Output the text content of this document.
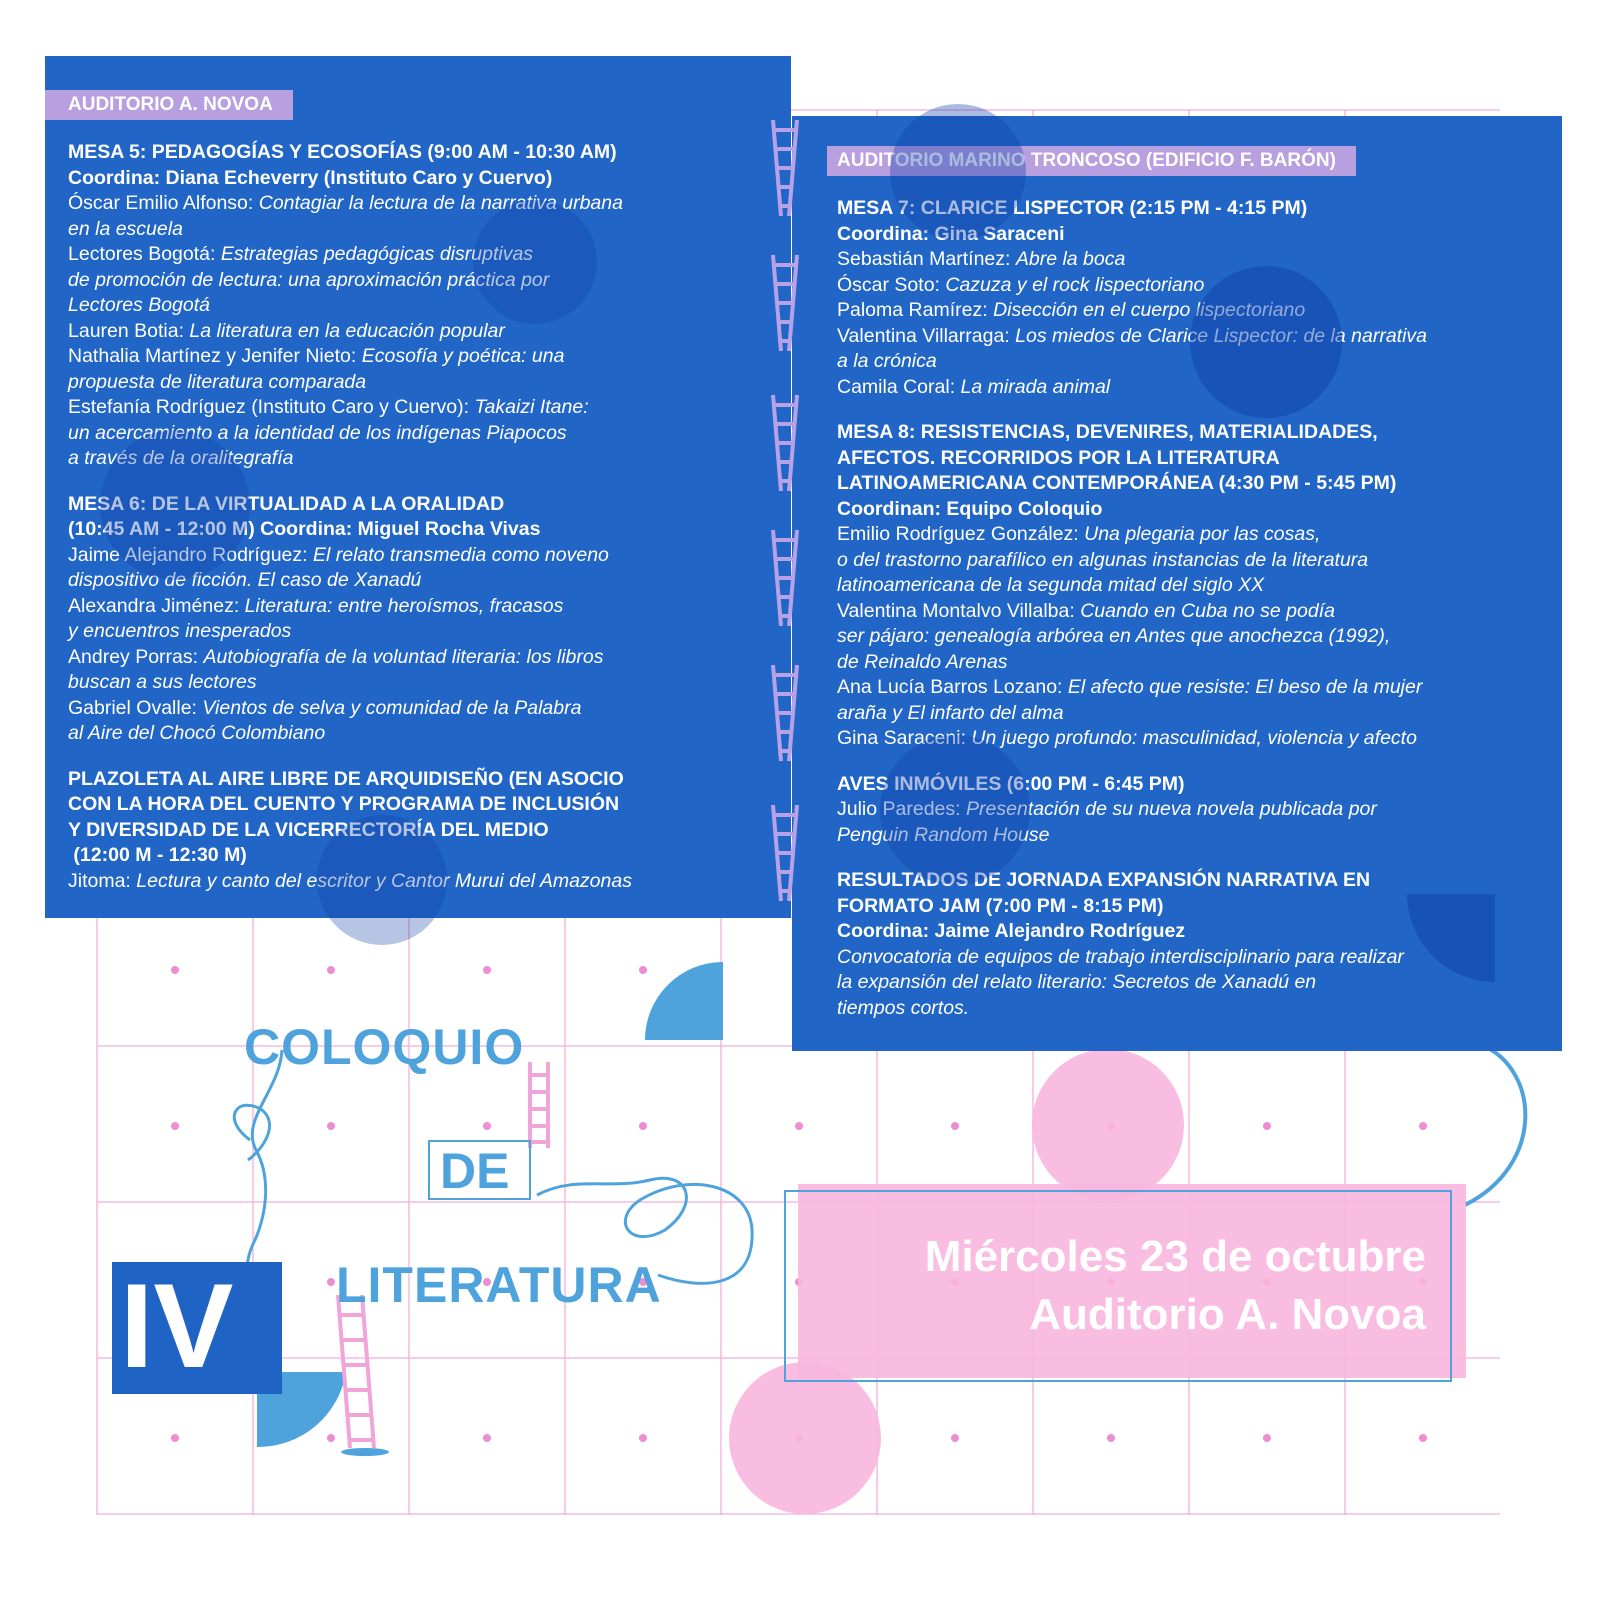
AUDITORIO A. NOVOA
MESA 5: PEDAGOGÍAS Y ECOSOFÍAS (9:00 AM - 10:30 AM)
Coordina: Diana Echeverry (Instituto Caro y Cuervo)
Óscar Emilio Alfonso: Contagiar la lectura de la narrativa urbana
en la escuela
Lectores Bogotá: Estrategias pedagógicas disruptivas
de promoción de lectura: una aproximación práctica por
Lectores Bogotá
Lauren Botia: La literatura en la educación popular
Nathalia Martínez y Jenifer Nieto: Ecosofía y poética: una
propuesta de literatura comparada
Estefanía Rodríguez (Instituto Caro y Cuervo): Takaizi Itane:
un acercamiento a la identidad de los indígenas Piapocos
a través de la oralitegrafía
MESA 6: DE LA VIRTUALIDAD A LA ORALIDAD
(10:45 AM - 12:00 M) Coordina: Miguel Rocha Vivas
Jaime Alejandro Rodríguez: El relato transmedia como noveno
dispositivo de ficción. El caso de Xanadú
Alexandra Jiménez: Literatura: entre heroísmos, fracasos
y encuentros inesperados
Andrey Porras: Autobiografía de la voluntad literaria: los libros
buscan a sus lectores
Gabriel Ovalle: Vientos de selva y comunidad de la Palabra
al Aire del Chocó Colombiano
PLAZOLETA AL AIRE LIBRE DE ARQUIDISEÑO (EN ASOCIO
CON LA HORA DEL CUENTO Y PROGRAMA DE INCLUSIÓN
Y DIVERSIDAD DE LA VICERRECTORÍA DEL MEDIO
(12:00 M - 12:30 M)
Jitoma: Lectura y canto del escritor y Cantor Murui del Amazonas
AUDITORIO MARINO TRONCOSO (EDIFICIO F. BARÓN)
MESA 7: CLARICE LISPECTOR (2:15 PM - 4:15 PM)
Coordina: Gina Saraceni
Sebastián Martínez: Abre la boca
Óscar Soto: Cazuza y el rock lispectoriano
Paloma Ramírez: Disección en el cuerpo lispectoriano
Valentina Villarraga: Los miedos de Clarice Lispector: de la narrativa
a la crónica
Camila Coral: La mirada animal
MESA 8: RESISTENCIAS, DEVENIRES, MATERIALIDADES,
AFECTOS. RECORRIDOS POR LA LITERATURA
LATINOAMERICANA CONTEMPORÁNEA (4:30 PM - 5:45 PM)
Coordinan: Equipo Coloquio
Emilio Rodríguez González: Una plegaria por las cosas,
o del trastorno parafílico en algunas instancias de la literatura
latinoamericana de la segunda mitad del siglo XX
Valentina Montalvo Villalba: Cuando en Cuba no se podía
ser pájaro: genealogía arbórea en Antes que anochezca (1992),
de Reinaldo Arenas
Ana Lucía Barros Lozano: El afecto que resiste: El beso de la mujer
araña y El infarto del alma
Gina Saraceni: Un juego profundo: masculinidad, violencia y afecto
AVES INMÓVILES (6:00 PM - 6:45 PM)
Julio Paredes: Presentación de su nueva novela publicada por
Penguin Random House
RESULTADOS DE JORNADA EXPANSIÓN NARRATIVA EN
FORMATO JAM (7:00 PM - 8:15 PM)
Coordina: Jaime Alejandro Rodríguez
Convocatoria de equipos de trabajo interdisciplinario para realizar
la expansión del relato literario: Secretos de Xanadú en
tiempos cortos.
COLOQUIO
DE
LITERATURA
IV
Miércoles 23 de octubre
Auditorio A. Novoa
